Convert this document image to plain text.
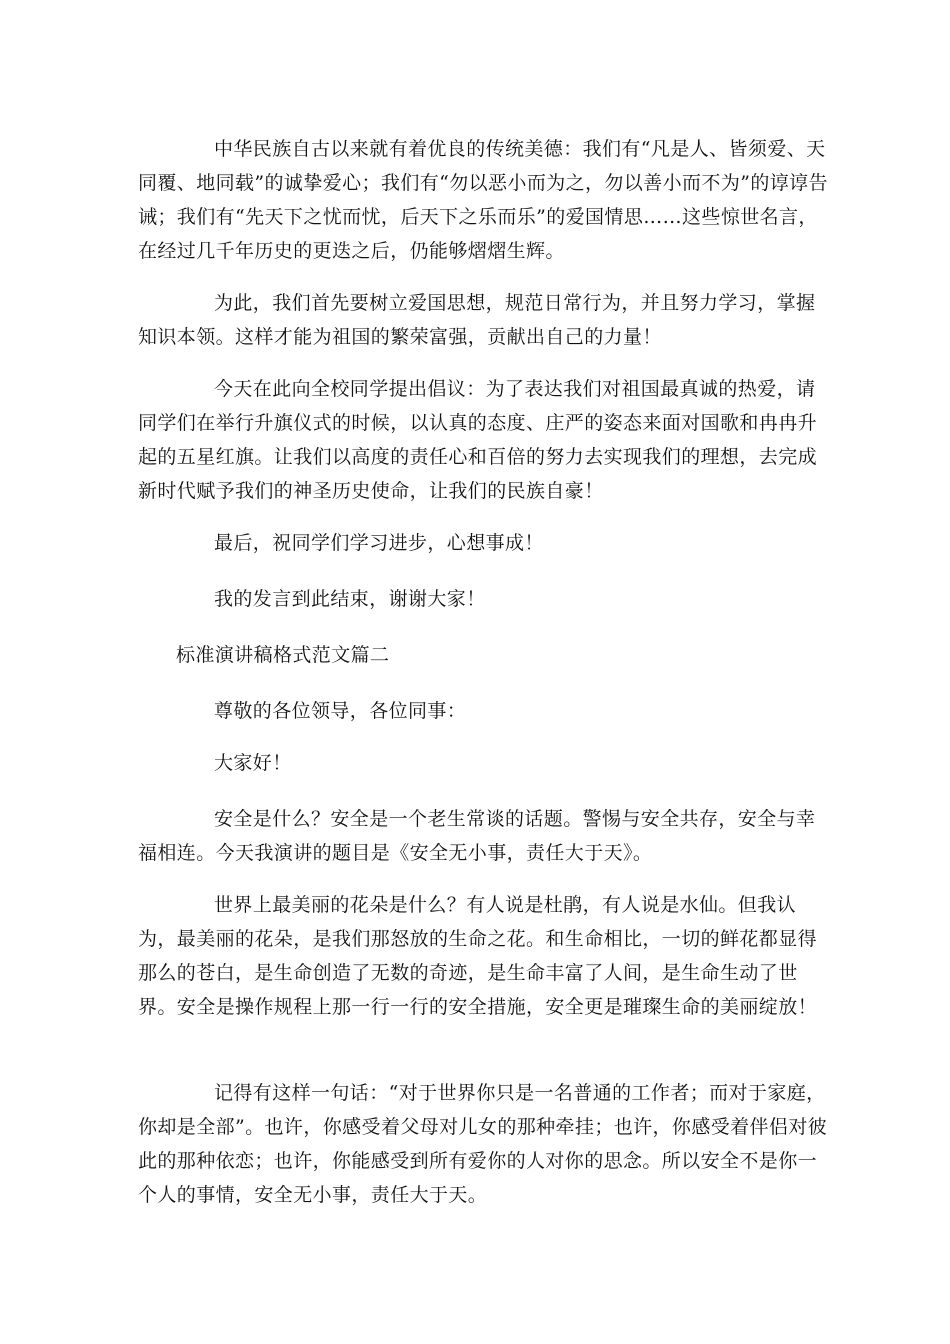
中华民族自古以来就有着优良的传统美德：我们有“凡是人、皆须爱、天同覆、地同载”的诚挚爱心；我们有“勿以恶小而为之，勿以善小而不为”的谆谆告诫；我们有“先天下之忧而忧，后天下之乐而乐”的爱国情思……这些惊世名言，在经过几千年历史的更迭之后，仍能够熠熠生辉。

为此，我们首先要树立爱国思想，规范日常行为，并且努力学习，掌握知识本领。这样才能为祖国的繁荣富强，贡献出自己的力量！

今天在此向全校同学提出倡议：为了表达我们对祖国最真诚的热爱，请同学们在举行升旗仪式的时候，以认真的态度、庄严的姿态来面对国歌和冉冉升起的五星红旗。让我们以高度的责任心和百倍的努力去实现我们的理想，去完成新时代赋予我们的神圣历史使命，让我们的民族自豪！

最后，祝同学们学习进步，心想事成！

我的发言到此结束，谢谢大家！

标准演讲稿格式范文篇二

尊敬的各位领导，各位同事：

大家好！

安全是什么？安全是一个老生常谈的话题。警惕与安全共存，安全与幸福相连。今天我演讲的题目是《安全无小事，责任大于天》。

世界上最美丽的花朵是什么？有人说是杜鹃，有人说是水仙。但我认为，最美丽的花朵，是我们那怒放的生命之花。和生命相比，一切的鲜花都显得那么的苍白，是生命创造了无数的奇迹，是生命丰富了人间，是生命生动了世界。安全是操作规程上那一行一行的安全措施，安全更是璀璨生命的美丽绽放！

记得有这样一句话：“对于世界你只是一名普通的工作者；而对于家庭，你却是全部”。也许，你感受着父母对儿女的那种牵挂；也许，你感受着伴侣对彼此的那种依恋；也许，你能感受到所有爱你的人对你的思念。所以安全不是你一个人的事情，安全无小事，责任大于天。
